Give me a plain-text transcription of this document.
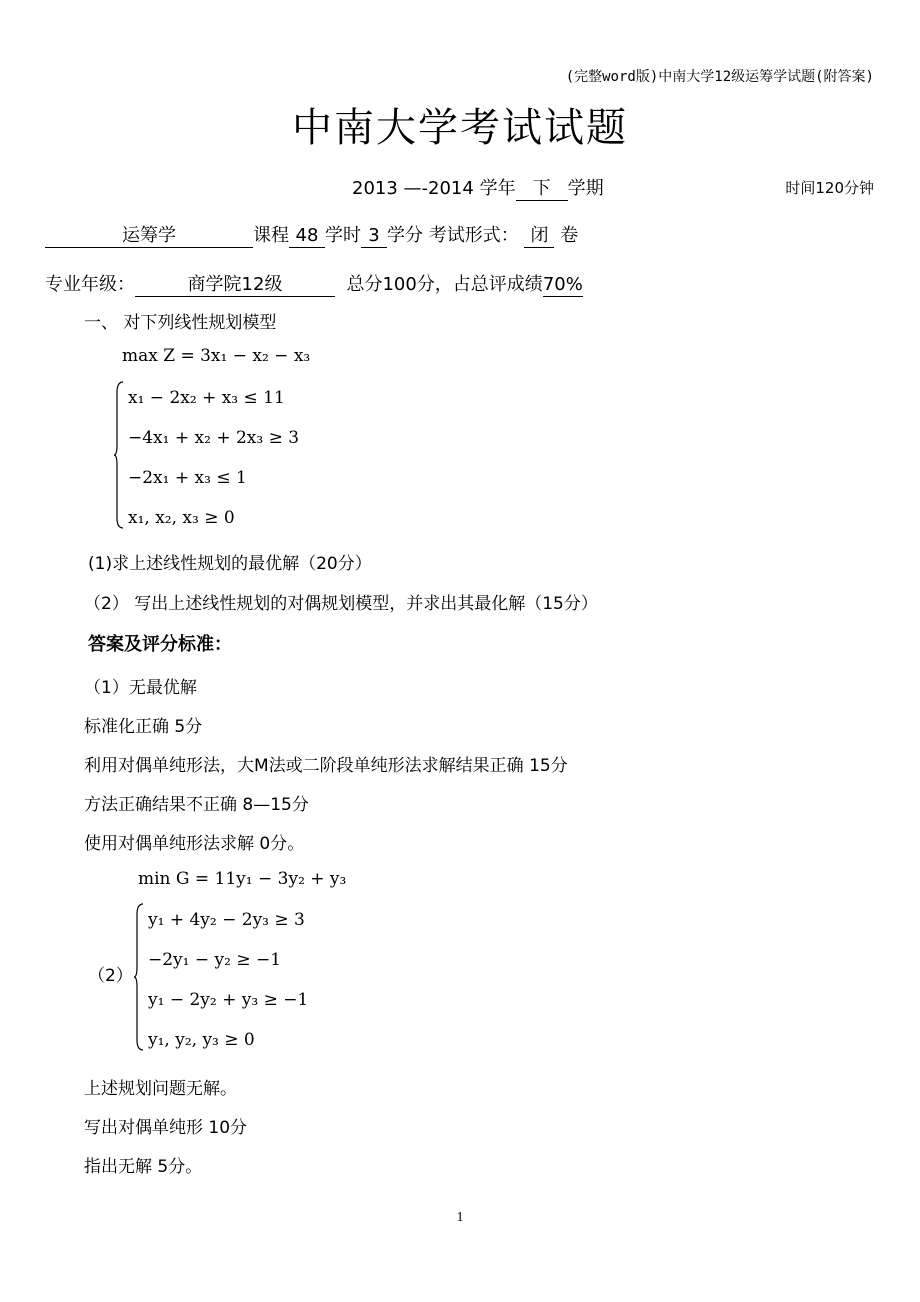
(完整word版)中南大学12级运筹学试题(附答案)
中南大学考试试题
2013 —-2014 学年 下 学期	时间120分钟
运筹学	课程 48 学时 3 学分 考试形式： 闭 卷
专业年级：	商学院12级	总分100分，占总评成绩70%
一、 对下列线性规划模型
max Z = 3x₁ − x₂ − x₃
x₁ − 2x₂ + x₃ ≤ 11
−4x₁ + x₂ + 2x₃ ≥ 3
−2x₁ + x₃ ≤ 1
x₁, x₂, x₃ ≥ 0
(1)求上述线性规划的最优解（20分）
（2） 写出上述线性规划的对偶规划模型，并求出其最化解（15分）
答案及评分标准：
（1）无最优解
标准化正确 5分
利用对偶单纯形法，大M法或二阶段单纯形法求解结果正确 15分
方法正确结果不正确 8—15分
使用对偶单纯形法求解 0分。
min G = 11y₁ − 3y₂ + y₃
（2）
y₁ + 4y₂ − 2y₃ ≥ 3
−2y₁ − y₂ ≥ −1
y₁ − 2y₂ + y₃ ≥ −1
y₁, y₂, y₃ ≥ 0
上述规划问题无解。
写出对偶单纯形 10分
指出无解 5分。
1
